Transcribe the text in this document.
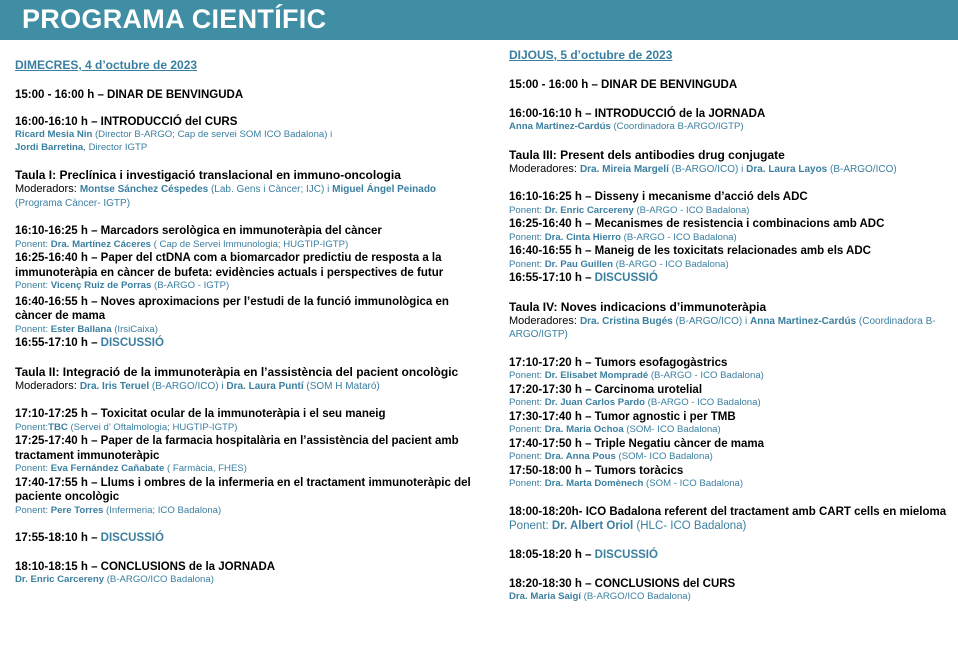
PROGRAMA CIENTÍFIC

DIMECRES, 4 d’octubre de 2023

15:00 - 16:00 h – DINAR DE BENVINGUDA

16:00-16:10 h – INTRODUCCIÓ del CURS

Ricard Mesia Nin (Director B-ARGO; Cap de servei SOM ICO Badalona) i

Jordi Barretina, Director IGTP

Taula I: Preclínica i investigació translacional en immuno-oncologia

Moderadors: Montse Sánchez Céspedes (Lab. Gens i Càncer; IJC) i Miguel Ángel Peinado

(Programa Càncer- IGTP)

16:10-16:25 h – Marcadors serològica en immunoteràpia del càncer

Ponent: Dra. Martínez Cáceres ( Cap de Servei Immunologia; HUGTIP-IGTP)

16:25-16:40 h – Paper del ctDNA com a biomarcador predictiu de resposta a la

immunoteràpia en càncer de bufeta: evidències actuals i perspectives de futur

Ponent: Vicenç Ruiz de Porras (B-ARGO - IGTP)

16:40-16:55 h – Noves aproximacions per l’estudi de la funció immunològica en

càncer de mama

Ponent: Ester Ballana (IrsiCaixa)

16:55-17:10 h – DISCUSSIÓ

Taula II: Integració de la immunoteràpia en l’assistència del pacient oncològic

Moderadors: Dra. Iris Teruel (B-ARGO/ICO) i Dra. Laura Puntí (SOM H Mataró)

17:10-17:25 h – Toxicitat ocular de la immunoteràpia i el seu maneig

Ponent:TBC (Servei d’ Oftalmologia; HUGTIP-IGTP)

17:25-17:40 h – Paper de la farmacia hospitalària en l’assistència del pacient amb

tractament immunoteràpic

Ponent: Eva Fernández Cañabate ( Farmàcia, FHES)

17:40-17:55 h – Llums i ombres de la infermeria en el tractament immunoteràpic del

paciente oncològic

Ponent: Pere Torres (Infermeria; ICO Badalona)

17:55-18:10 h – DISCUSSIÓ

18:10-18:15 h – CONCLUSIONS de la JORNADA

Dr. Enric Carcereny (B-ARGO/ICO Badalona)

DIJOUS, 5 d’octubre de 2023

15:00 - 16:00 h – DINAR DE BENVINGUDA

16:00-16:10 h – INTRODUCCIÓ de la JORNADA

Anna Martinez-Cardús (Coordinadora B-ARGO/IGTP)

Taula III: Present dels antibodies drug conjugate

Moderadores: Dra. Mireia Margelí (B-ARGO/ICO) i Dra. Laura Layos (B-ARGO/ICO)

16:10-16:25 h – Disseny i mecanisme d’acció dels ADC

Ponent: Dr. Enric Carcereny (B-ARGO - ICO Badalona)

16:25-16:40 h – Mecanismes de resistencia i combinacions amb ADC

Ponent: Dra. Cinta Hierro (B-ARGO - ICO Badalona)

16:40-16:55 h – Maneig de les toxicitats relacionades amb els ADC

Ponent: Dr. Pau Guillen (B-ARGO - ICO Badalona)

16:55-17:10 h – DISCUSSIÓ

Taula IV: Noves indicacions d’immunoteràpia

Moderadores: Dra. Cristina Bugés (B-ARGO/ICO) i Anna Martinez-Cardús (Coordinadora B-

ARGO/IGTP)

17:10-17:20 h – Tumors esofagogàstrics

Ponent: Dr. Elisabet Mompradé (B-ARGO - ICO Badalona)

17:20-17:30 h – Carcinoma urotelial

Ponent: Dr. Juan Carlos Pardo (B-ARGO - ICO Badalona)

17:30-17:40 h – Tumor agnostic i per TMB

Ponent: Dra. Maria Ochoa (SOM- ICO Badalona)

17:40-17:50 h – Triple Negatiu càncer de mama

Ponent: Dra. Anna Pous (SOM- ICO Badalona)

17:50-18:00 h – Tumors toràcics

Ponent: Dra. Marta Domènech (SOM - ICO Badalona)

18:00-18:20h- ICO Badalona referent del tractament amb CART cells en mieloma

Ponent: Dr. Albert Oriol (HLC- ICO Badalona)

18:05-18:20 h – DISCUSSIÓ

18:20-18:30 h – CONCLUSIONS del CURS

Dra. Maria Saigí (B-ARGO/ICO Badalona)
